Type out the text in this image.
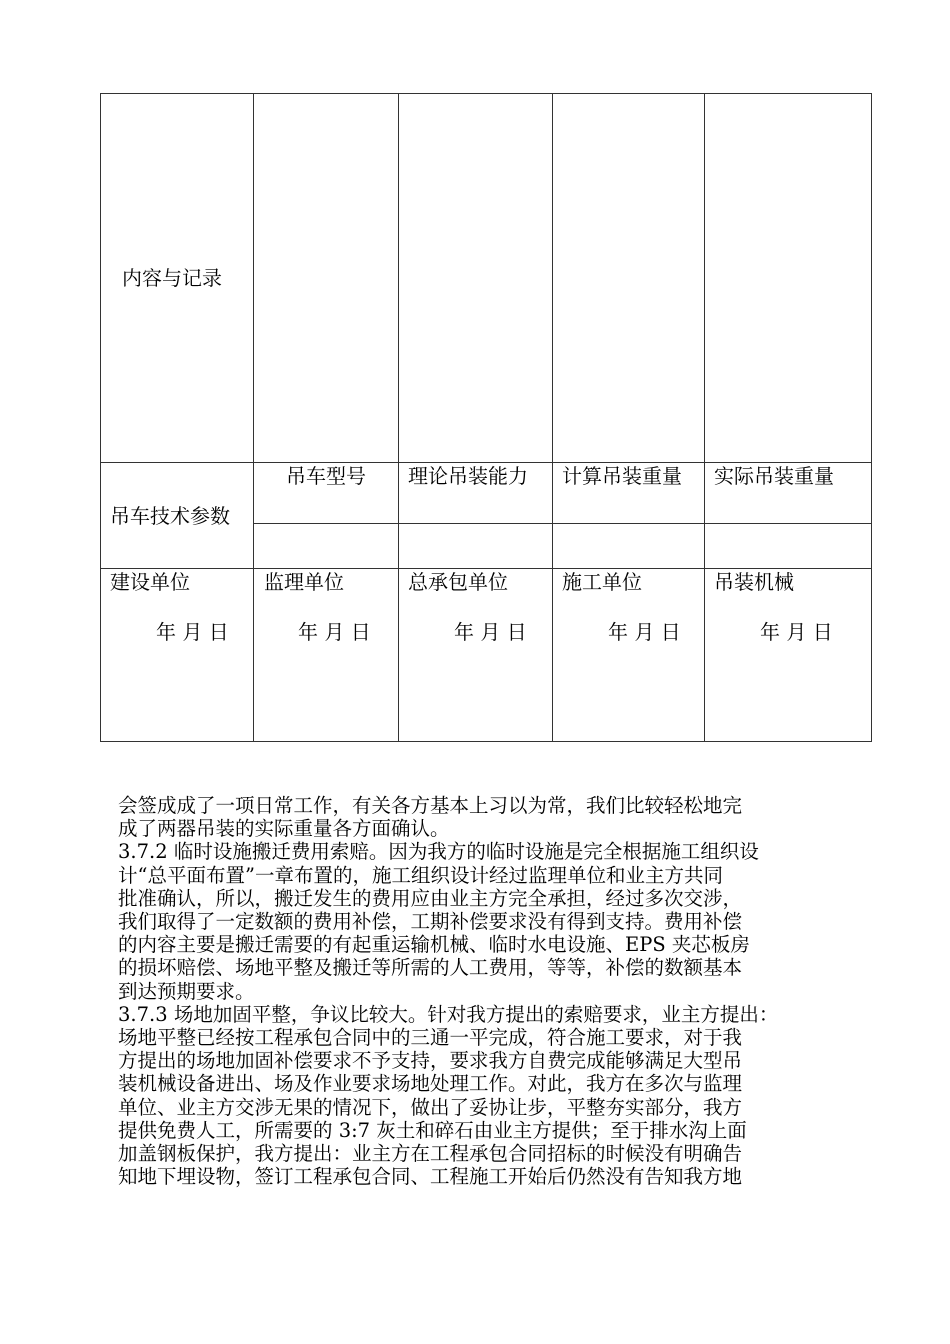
内容与记录
吊车技术参数
吊车型号 理论吊装能力 计算吊装重量 实际吊装重量
建设单位
年 月 日
监理单位
年 月 日
总承包单位
年 月 日
施工单位
年 月 日
吊装机械
年 月 日

会签成成了一项日常工作，有关各方基本上习以为常，我们比较轻松地完

成了两器吊装的实际重量各方面确认。

3.7.2 临时设施搬迁费用索赔。因为我方的临时设施是完全根据施工组织设

计“总平面布置”一章布置的，施工组织设计经过监理单位和业主方共同

批准确认，所以，搬迁发生的费用应由业主方完全承担，经过多次交涉，

我们取得了一定数额的费用补偿，工期补偿要求没有得到支持。费用补偿

的内容主要是搬迁需要的有起重运输机械、临时水电设施、EPS 夹芯板房

的损坏赔偿、场地平整及搬迁等所需的人工费用，等等，补偿的数额基本

到达预期要求。

3.7.3 场地加固平整，争议比较大。针对我方提出的索赔要求，业主方提出：

场地平整已经按工程承包合同中的三通一平完成，符合施工要求，对于我

方提出的场地加固补偿要求不予支持，要求我方自费完成能够满足大型吊

装机械设备进出、场及作业要求场地处理工作。对此，我方在多次与监理

单位、业主方交涉无果的情况下，做出了妥协让步，平整夯实部分，我方

提供免费人工，所需要的 3:7 灰土和碎石由业主方提供；至于排水沟上面

加盖钢板保护，我方提出：业主方在工程承包合同招标的时候没有明确告

知地下埋设物，签订工程承包合同、工程施工开始后仍然没有告知我方地
